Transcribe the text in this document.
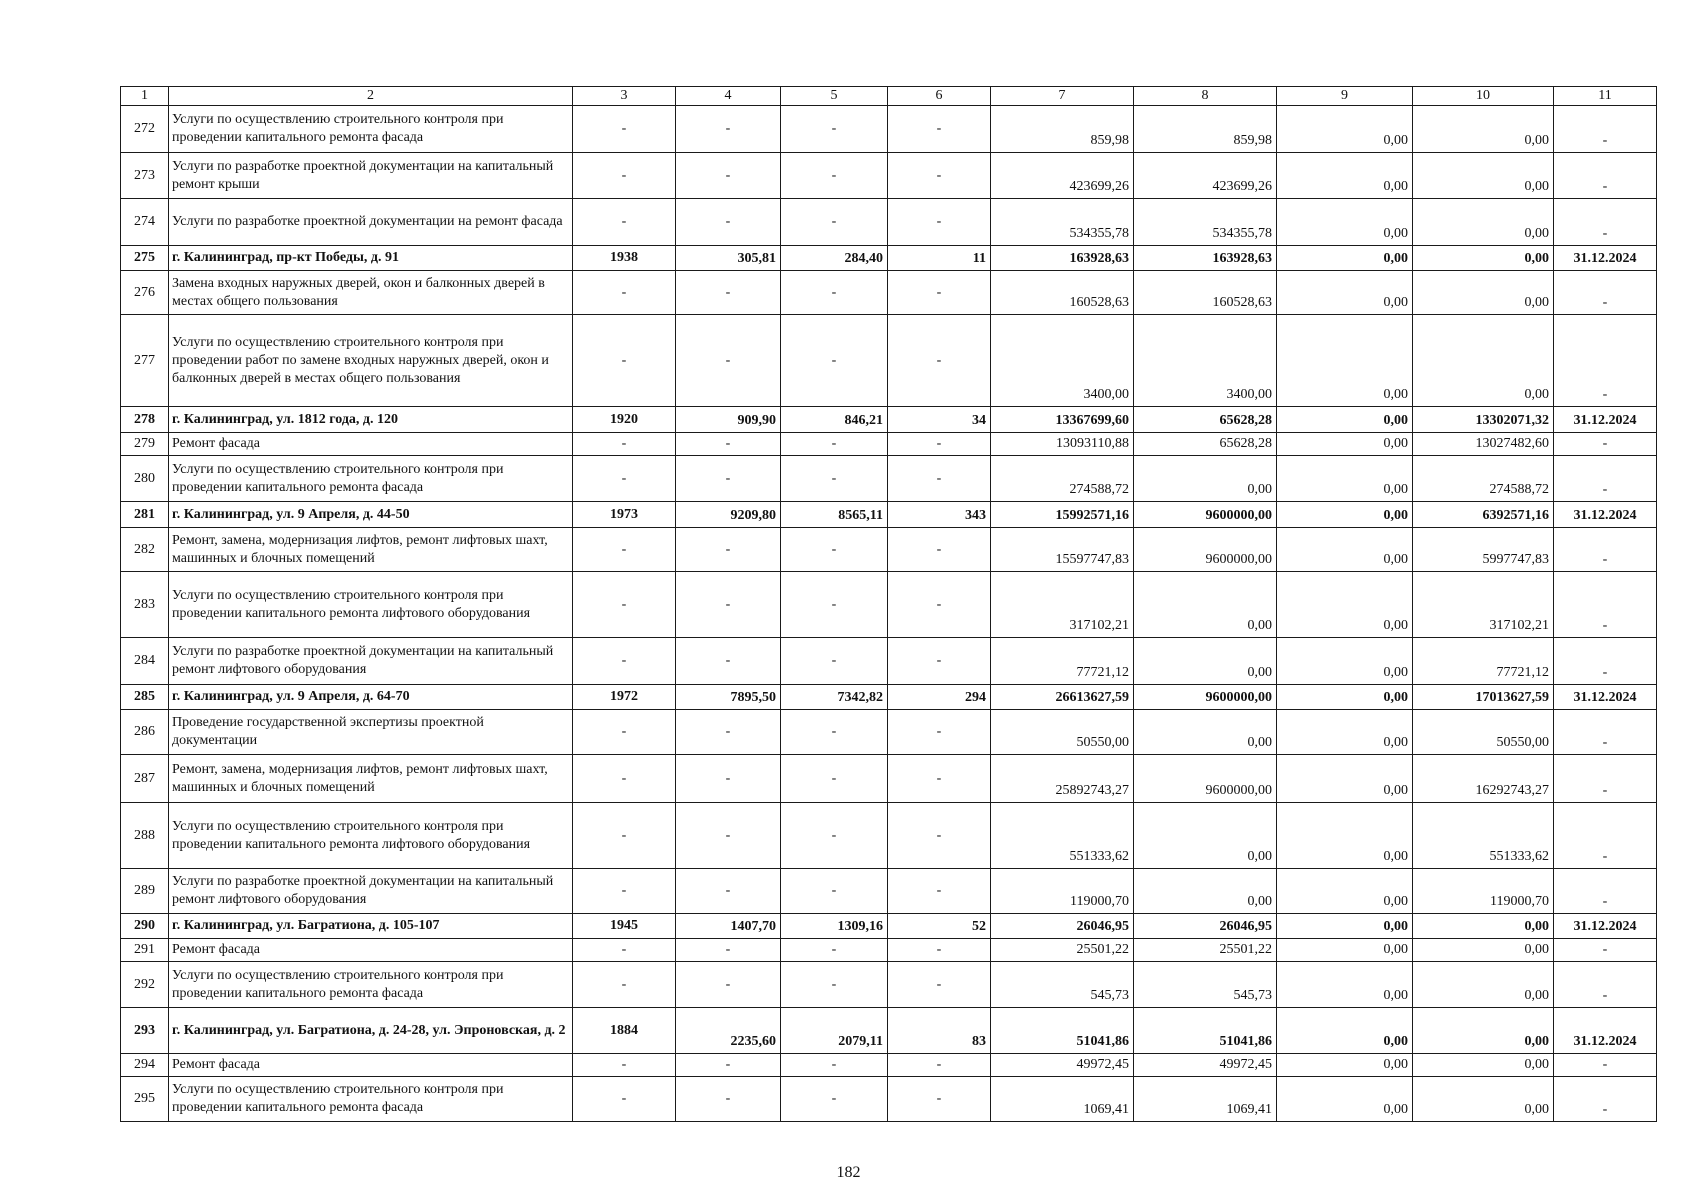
1	2	3	4	5	6	7	8	9	10	11
272	Услуги по осуществлению строительного контроля при проведении капитального ремонта фасада	-	-	-	-	859,98	859,98	0,00	0,00	-
273	Услуги по разработке проектной документации на капитальный ремонт крыши	-	-	-	-	423699,26	423699,26	0,00	0,00	-
274	Услуги по разработке проектной документации на ремонт фасада	-	-	-	-	534355,78	534355,78	0,00	0,00	-
275	г. Калининград, пр-кт Победы, д. 91	1938	305,81	284,40	11	163928,63	163928,63	0,00	0,00	31.12.2024
276	Замена входных наружных дверей, окон и балконных дверей в местах общего пользования	-	-	-	-	160528,63	160528,63	0,00	0,00	-
277	Услуги по осуществлению строительного контроля при проведении работ по замене входных наружных дверей, окон и балконных дверей в местах общего пользования	-	-	-	-	3400,00	3400,00	0,00	0,00	-
278	г. Калининград, ул. 1812 года, д. 120	1920	909,90	846,21	34	13367699,60	65628,28	0,00	13302071,32	31.12.2024
279	Ремонт фасада	-	-	-	-	13093110,88	65628,28	0,00	13027482,60	-
280	Услуги по осуществлению строительного контроля при проведении капитального ремонта фасада	-	-	-	-	274588,72	0,00	0,00	274588,72	-
281	г. Калининград, ул. 9 Апреля, д. 44-50	1973	9209,80	8565,11	343	15992571,16	9600000,00	0,00	6392571,16	31.12.2024
282	Ремонт, замена, модернизация лифтов, ремонт лифтовых шахт, машинных и блочных помещений	-	-	-	-	15597747,83	9600000,00	0,00	5997747,83	-
283	Услуги по осуществлению строительного контроля при проведении капитального ремонта лифтового оборудования	-	-	-	-	317102,21	0,00	0,00	317102,21	-
284	Услуги по разработке проектной документации на капитальный ремонт лифтового оборудования	-	-	-	-	77721,12	0,00	0,00	77721,12	-
285	г. Калининград, ул. 9 Апреля, д. 64-70	1972	7895,50	7342,82	294	26613627,59	9600000,00	0,00	17013627,59	31.12.2024
286	Проведение государственной экспертизы проектной документации	-	-	-	-	50550,00	0,00	0,00	50550,00	-
287	Ремонт, замена, модернизация лифтов, ремонт лифтовых шахт, машинных и блочных помещений	-	-	-	-	25892743,27	9600000,00	0,00	16292743,27	-
288	Услуги по осуществлению строительного контроля при проведении капитального ремонта лифтового оборудования	-	-	-	-	551333,62	0,00	0,00	551333,62	-
289	Услуги по разработке проектной документации на капитальный ремонт лифтового оборудования	-	-	-	-	119000,70	0,00	0,00	119000,70	-
290	г. Калининград, ул. Багратиона, д. 105-107	1945	1407,70	1309,16	52	26046,95	26046,95	0,00	0,00	31.12.2024
291	Ремонт фасада	-	-	-	-	25501,22	25501,22	0,00	0,00	-
292	Услуги по осуществлению строительного контроля при проведении капитального ремонта фасада	-	-	-	-	545,73	545,73	0,00	0,00	-
293	г. Калининград, ул. Багратиона, д. 24-28, ул. Эпроновская, д. 2	1884	2235,60	2079,11	83	51041,86	51041,86	0,00	0,00	31.12.2024
294	Ремонт фасада	-	-	-	-	49972,45	49972,45	0,00	0,00	-
295	Услуги по осуществлению строительного контроля при проведении капитального ремонта фасада	-	-	-	-	1069,41	1069,41	0,00	0,00	-
182
